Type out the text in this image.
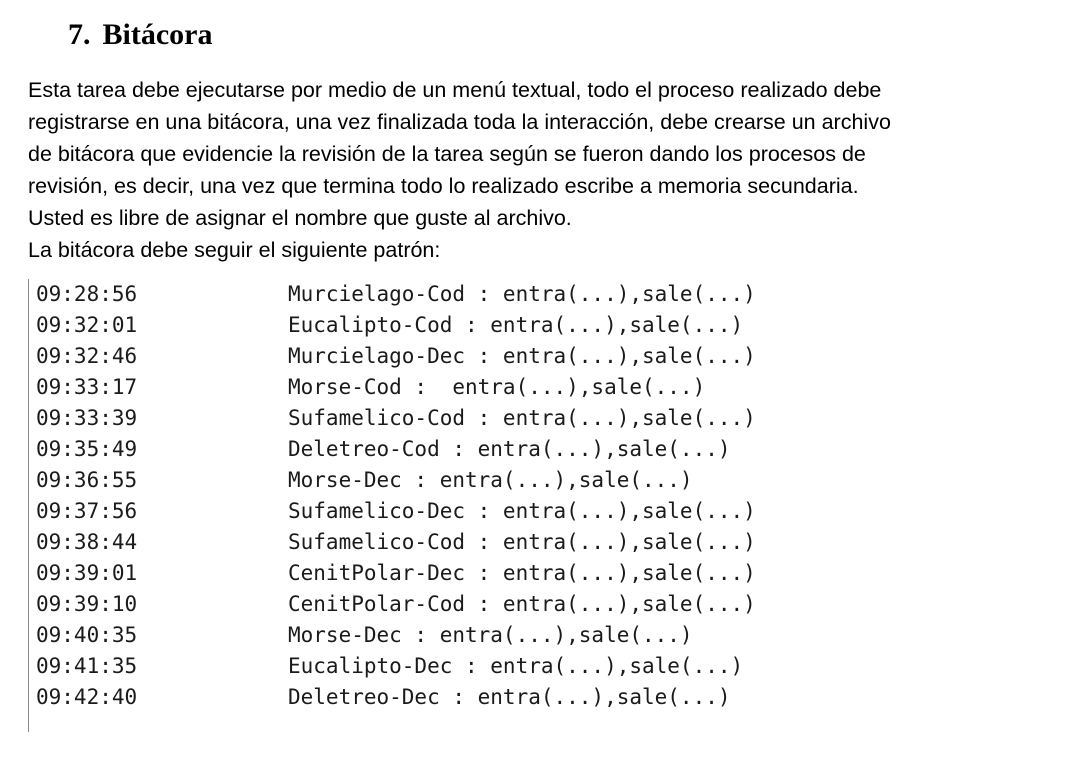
7. Bitácora
Esta tarea debe ejecutarse por medio de un menú textual, todo el proceso realizado debe
registrarse en una bitácora, una vez finalizada toda la interacción, debe crearse un archivo
de bitácora que evidencie la revisión de la tarea según se fueron dando los procesos de
revisión, es decir, una vez que termina todo lo realizado escribe a memoria secundaria.
Usted es libre de asignar el nombre que guste al archivo.
La bitácora debe seguir el siguiente patrón:
09:28:56	Murcielago-Cod : entra(...),sale(...)
09:32:01	Eucalipto-Cod : entra(...),sale(...)
09:32:46	Murcielago-Dec : entra(...),sale(...)
09:33:17	Morse-Cod :  entra(...),sale(...)
09:33:39	Sufamelico-Cod : entra(...),sale(...)
09:35:49	Deletreo-Cod : entra(...),sale(...)
09:36:55	Morse-Dec : entra(...),sale(...)
09:37:56	Sufamelico-Dec : entra(...),sale(...)
09:38:44	Sufamelico-Cod : entra(...),sale(...)
09:39:01	CenitPolar-Dec : entra(...),sale(...)
09:39:10	CenitPolar-Cod : entra(...),sale(...)
09:40:35	Morse-Dec : entra(...),sale(...)
09:41:35	Eucalipto-Dec : entra(...),sale(...)
09:42:40	Deletreo-Dec : entra(...),sale(...)
